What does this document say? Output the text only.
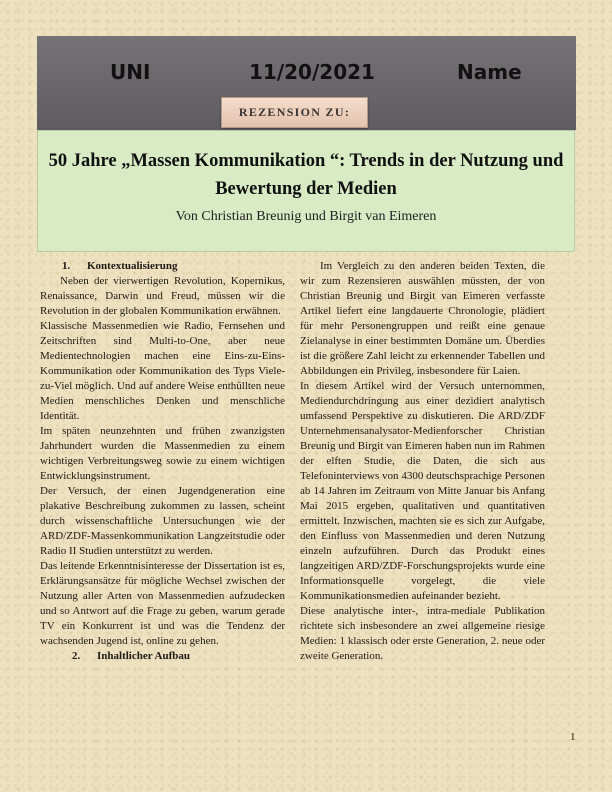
UNI	11/20/2021	Name
REZENSION ZU:
50 Jahre „Massen Kommunikation “: Trends in der Nutzung und Bewertung der Medien
Von Christian Breunig und Birgit van Eimeren
1. Kontextualisierung

Neben der vierwertigen Revolution, Kopernikus, Renaissance, Darwin und Freud, müssen wir die Revolution in der globalen Kommunikation erwähnen.

Klassische Massenmedien wie Radio, Fernsehen und Zeitschriften sind Multi-to-One, aber neue Medientechnologien machen eine Eins-zu-Eins-Kommunikation oder Kommunikation des Typs Viele-zu-Viel möglich. Und auf andere Weise enthüllten neue Medien menschliches Denken und menschliche Identität.

Im späten neunzehnten und frühen zwanzigsten Jahrhundert wurden die Massenmedien zu einem wichtigen Verbreitungsweg sowie zu einem wichtigen Entwicklungsinstrument.

Der Versuch, der einen Jugendgeneration eine plakative Beschreibung zukommen zu lassen, scheint durch wissenschaftliche Untersuchungen wie der ARD/ZDF-Massenkommunikation Langzeitstudie oder Radio II Studien unterstützt zu werden.

Das leitende Erkenntnisinteresse der Dissertation ist es, Erklärungsansätze für mögliche Wechsel zwischen der Nutzung aller Arten von Massenmedien aufzudecken und so Antwort auf die Frage zu geben, warum gerade TV ein Konkurrent ist und was die Tendenz der wachsenden Jugend ist, online zu gehen.

2. Inhaltlicher Aufbau

Im Vergleich zu den anderen beiden Texten, die wir zum Rezensieren auswählen müssten, der von Christian Breunig und Birgit van Eimeren verfasste Artikel liefert eine langdauerte Chronologie, plädiert für mehr Personengruppen und reißt eine genaue Zielanalyse in einer bestimmten Domäne um. Überdies ist die größere Zahl leicht zu erkennender Tabellen und Abbildungen ein Privileg, insbesondere für Laien.

In diesem Artikel wird der Versuch unternommen, Mediendurchdringung aus einer dezidiert analytisch umfassend Perspektive zu diskutieren. Die ARD/ZDF Unternehmensanalysator-Medienforscher Christian Breunig und Birgit van Eimeren haben nun im Rahmen der elften Studie, die Daten, die sich aus Telefoninterviews von 4300 deutschsprachige Personen ab 14 Jahren im Zeitraum von Mitte Januar bis Anfang Mai 2015 ergeben, qualitativen und quantitativen ermittelt. Inzwischen, machten sie es sich zur Aufgabe, den Einfluss von Massenmedien und deren Nutzung einzeln aufzuführen. Durch das Produkt eines langzeitigen ARD/ZDF-Forschungsprojekts wurde eine Informationsquelle vorgelegt, die viele Kommunikationsmedien aufeinander bezieht.

Diese analytische inter-, intra-mediale Publikation richtete sich insbesondere an zwei allgemeine riesige Medien: 1 klassisch oder erste Generation, 2. neue oder zweite Generation.

1
